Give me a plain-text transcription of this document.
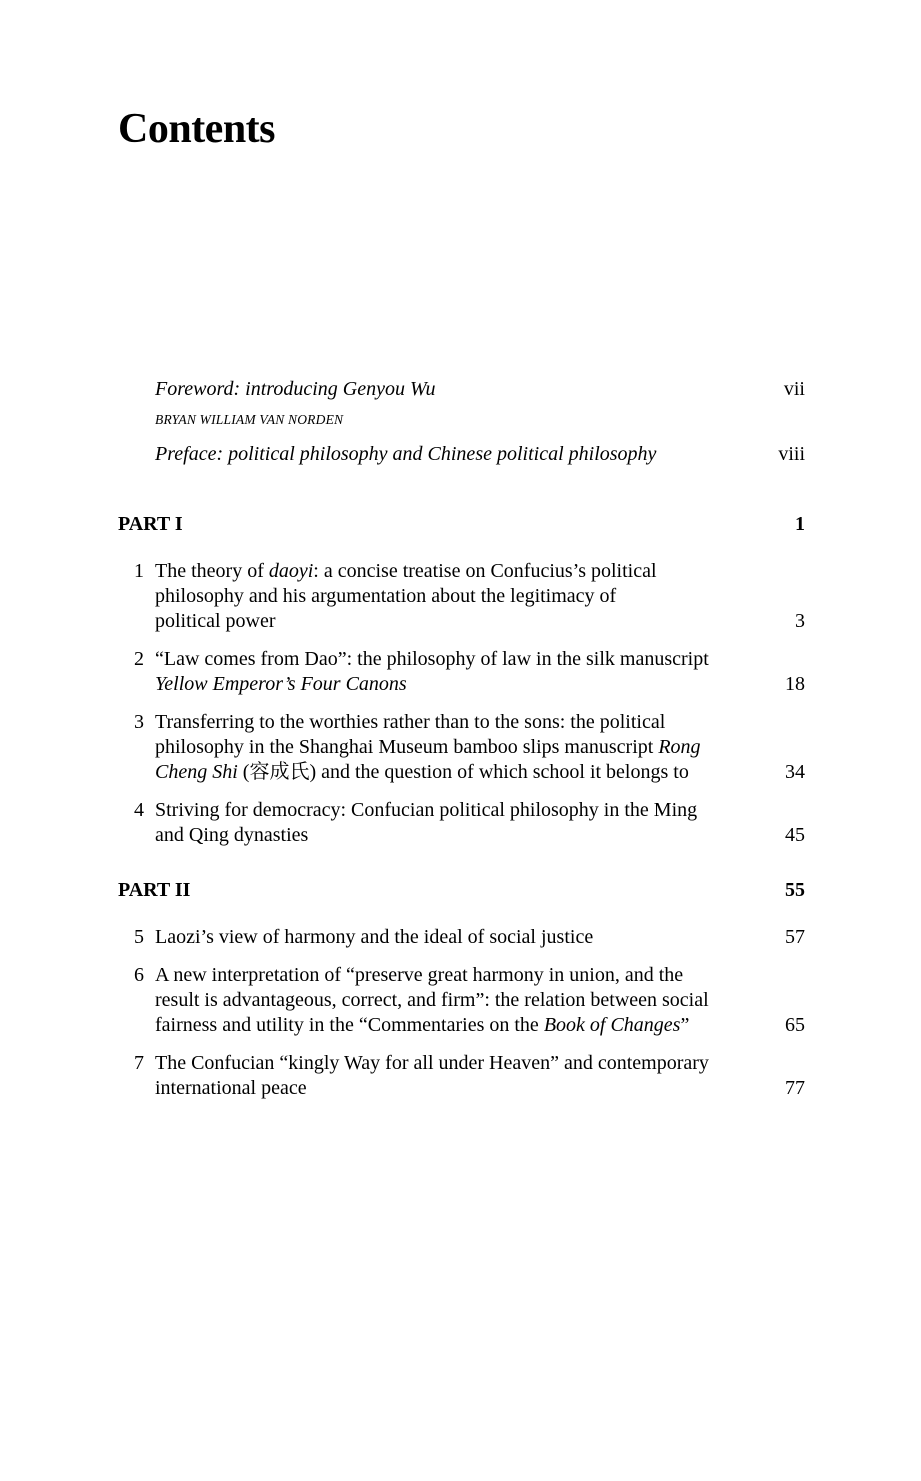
Contents
Foreword: introducing Genyou Wu	vii
BRYAN WILLIAM VAN NORDEN
Preface: political philosophy and Chinese political philosophy	viii
PART I	1
1 The theory of daoyi: a concise treatise on Confucius’s political
philosophy and his argumentation about the legitimacy of
political power	3
2 “Law comes from Dao”: the philosophy of law in the silk manuscript
Yellow Emperor’s Four Canons	18
3 Transferring to the worthies rather than to the sons: the political
philosophy in the Shanghai Museum bamboo slips manuscript Rong
Cheng Shi (容成氏) and the question of which school it belongs to	34
4 Striving for democracy: Confucian political philosophy in the Ming
and Qing dynasties	45
PART II	55
5 Laozi’s view of harmony and the ideal of social justice	57
6 A new interpretation of “preserve great harmony in union, and the
result is advantageous, correct, and firm”: the relation between social
fairness and utility in the “Commentaries on the Book of Changes”	65
7 The Confucian “kingly Way for all under Heaven” and contemporary
international peace	77
